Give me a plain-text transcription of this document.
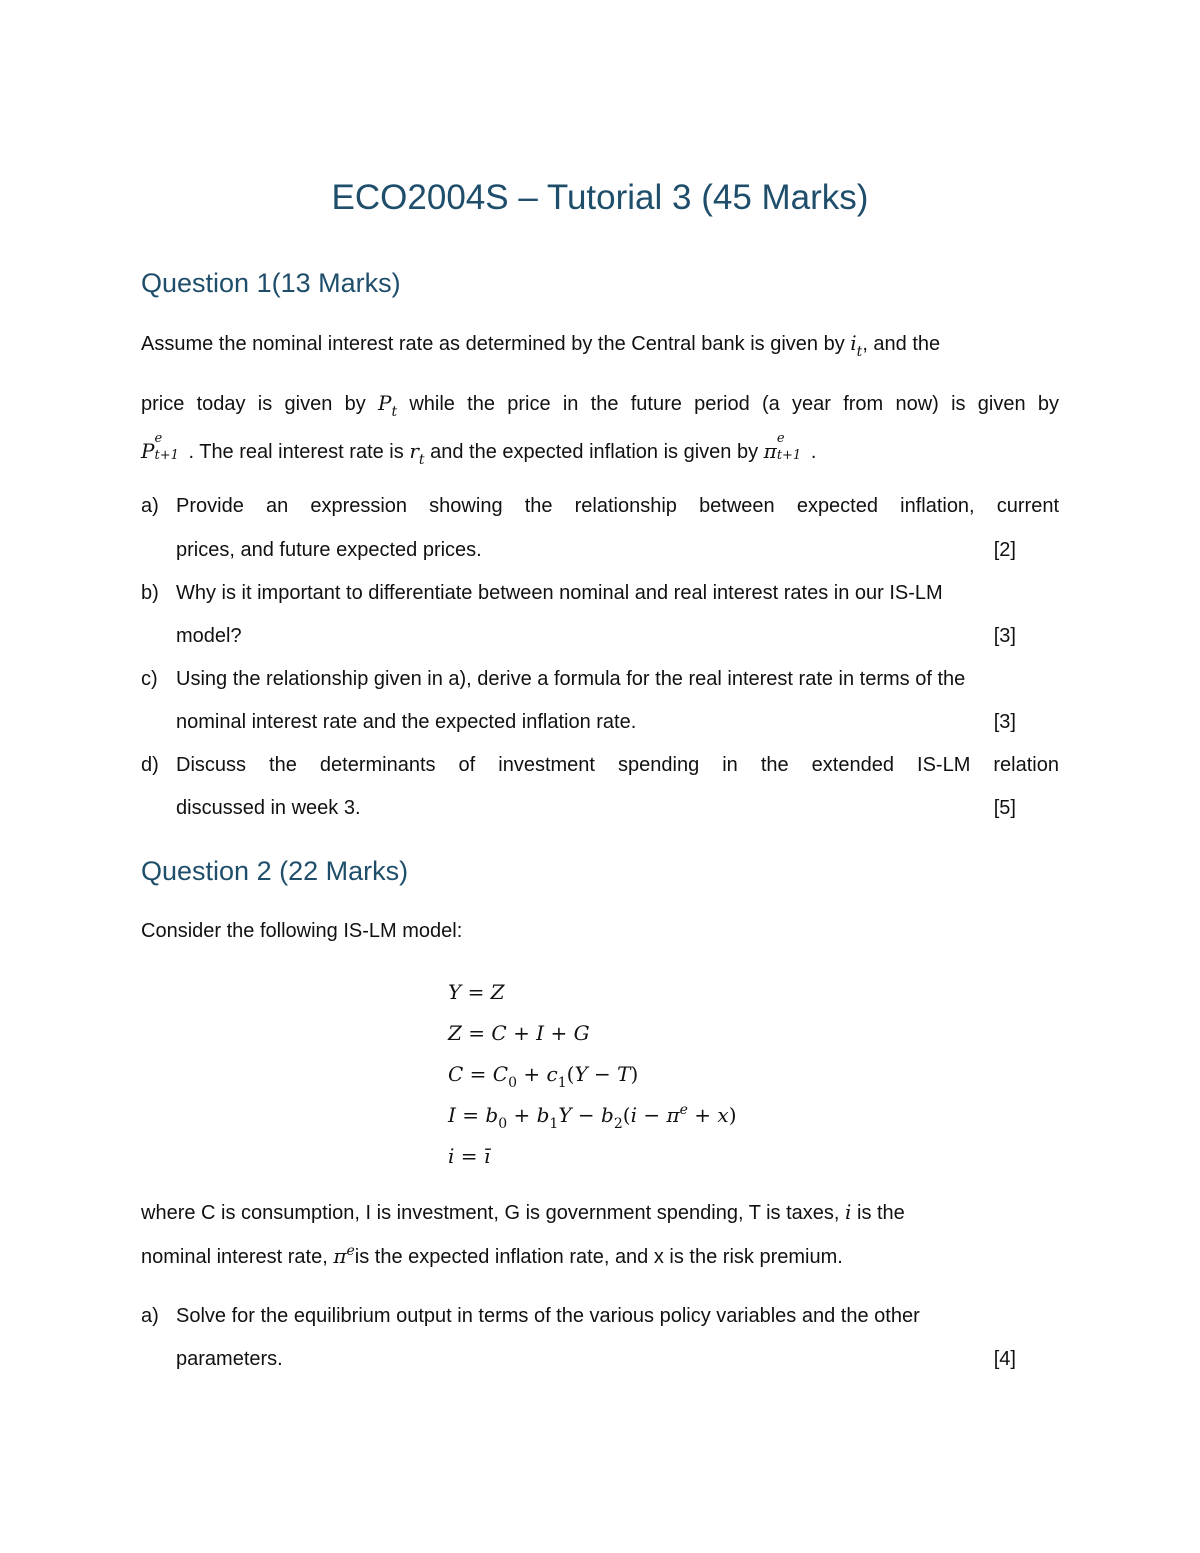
ECO2004S – Tutorial 3 (45 Marks)
Question 1(13 Marks)
Assume the nominal interest rate as determined by the Central bank is given by $i_t$, and the
price today is given by $P_t$ while the price in the future period (a year from now) is given by
P
e
t+1 . The real interest rate is $r_t$ and the expected inflation is given by π
e
t+1 .
a) Provide an expression showing the relationship between expected inflation, current
prices, and future expected prices.	[2]
b) Why is it important to differentiate between nominal and real interest rates in our IS-LM
model?	[3]
c) Using the relationship given in a), derive a formula for the real interest rate in terms of the
nominal interest rate and the expected inflation rate.	[3]
d) Discuss the determinants of investment spending in the extended IS-LM relation
discussed in week 3.	[5]
Question 2 (22 Marks)
Consider the following IS-LM model:
Y = Z
Z = C + I + G
$C = C_0 + c_1(Y - T)$
$I = b_0 + b_1Y - b_2(i - \pi^e + x)$
i = ī
where C is consumption, I is investment, G is government spending, T is taxes, i is the
nominal interest rate, $\pi^eis$ the expected inflation rate, and x is the risk premium.
a) Solve for the equilibrium output in terms of the various policy variables and the other
parameters.	[4]
